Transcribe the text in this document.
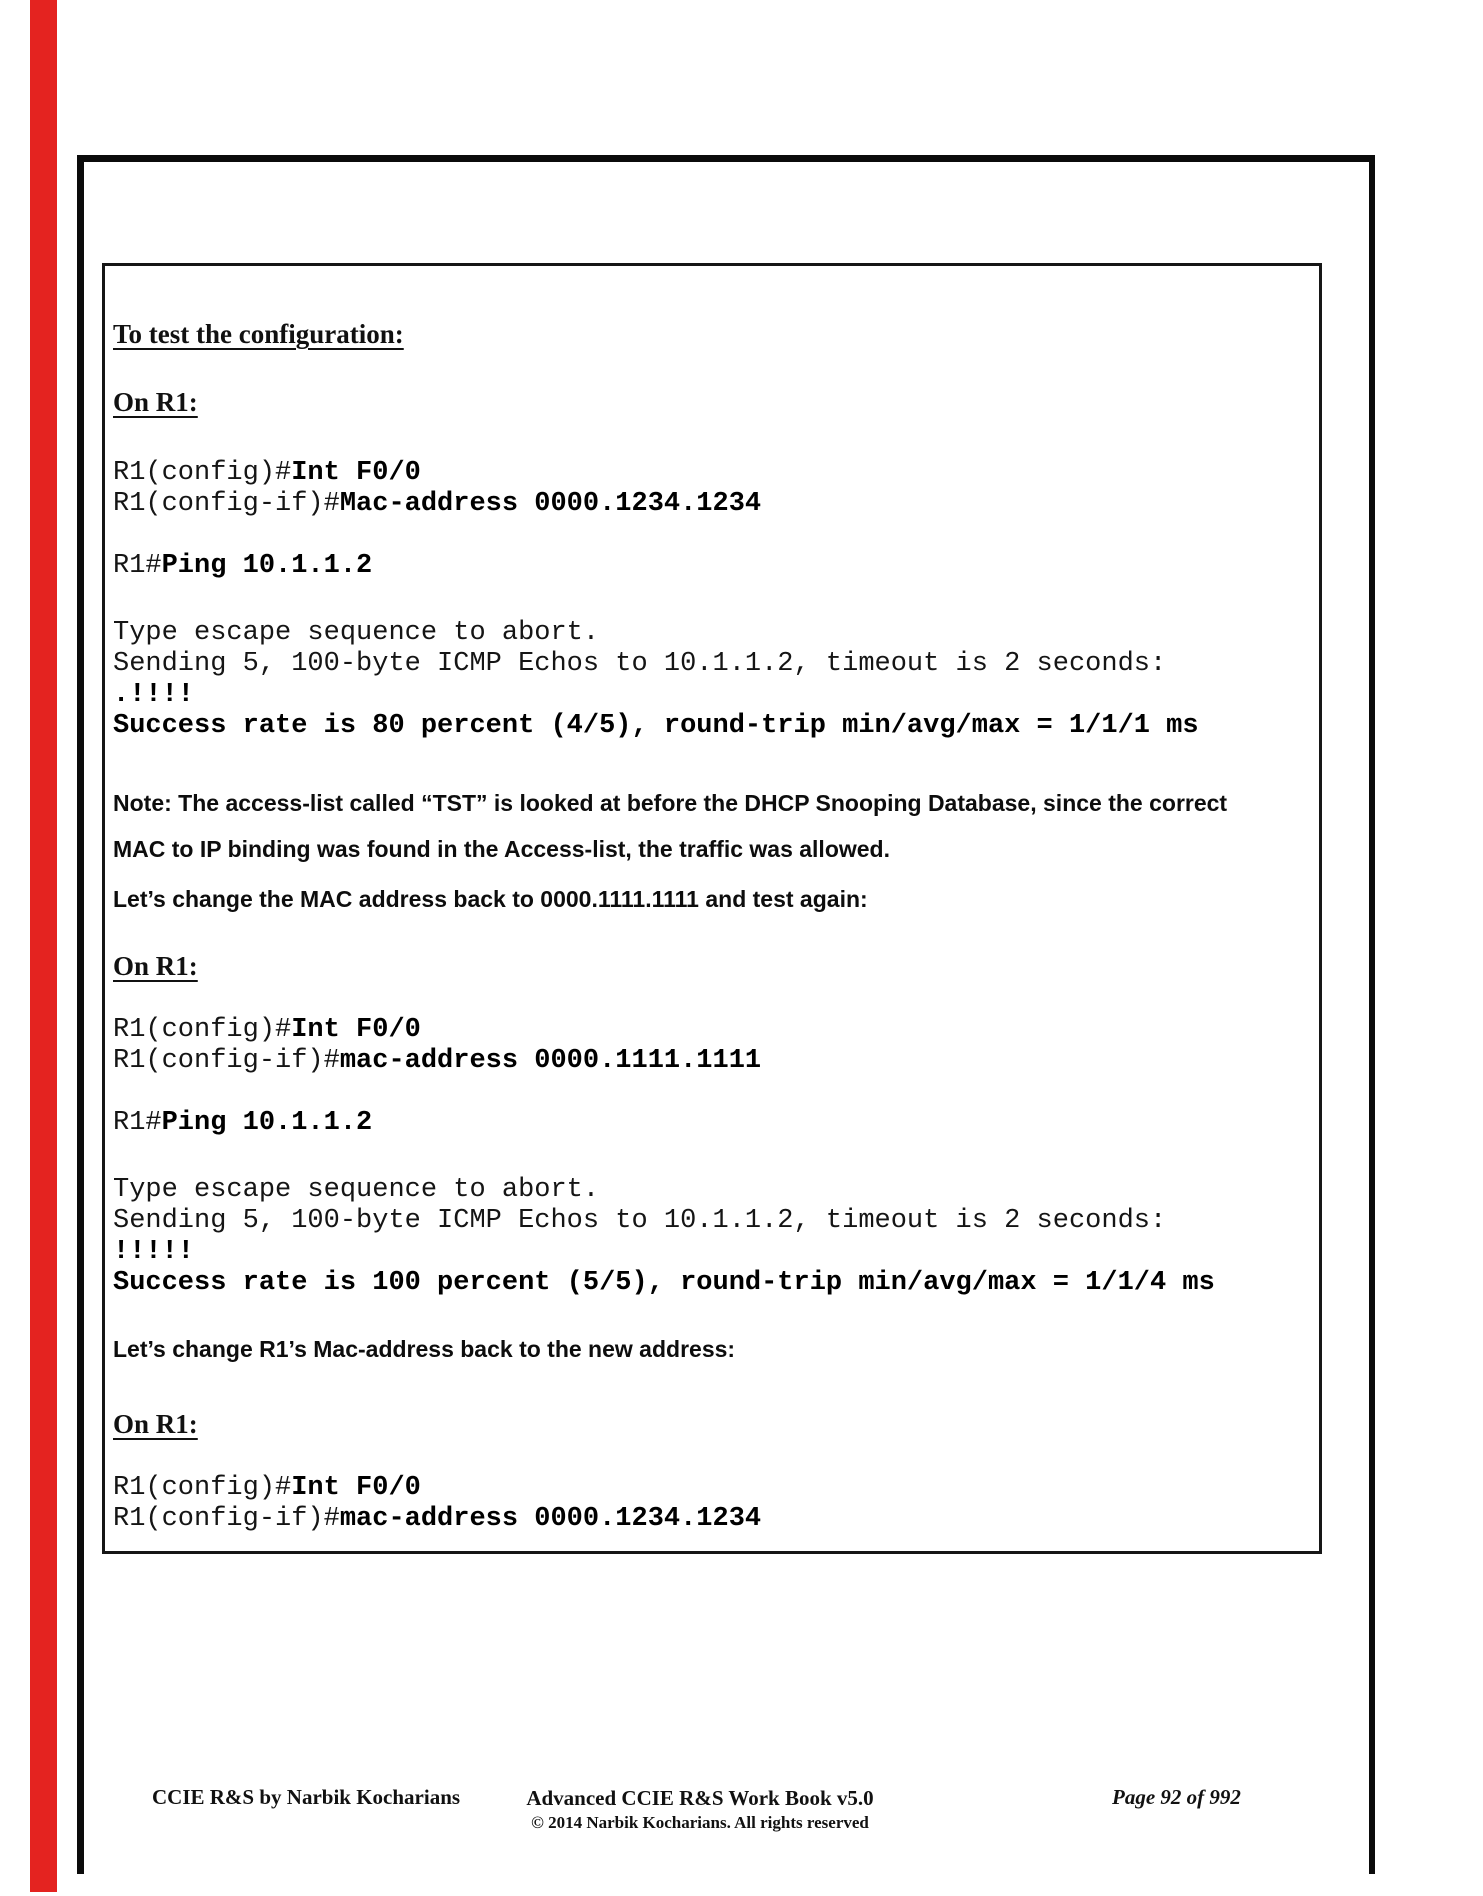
To test the configuration:
On R1:
R1(config)#Int F0/0
R1(config-if)#Mac-address 0000.1234.1234
R1#Ping 10.1.1.2
Type escape sequence to abort.
Sending 5, 100-byte ICMP Echos to 10.1.1.2, timeout is 2 seconds:
.!!!!
Success rate is 80 percent (4/5), round-trip min/avg/max = 1/1/1 ms
Note: The access-list called “TST” is looked at before the DHCP Snooping Database, since the correct
MAC to IP binding was found in the Access-list, the traffic was allowed.
Let’s change the MAC address back to 0000.1111.1111 and test again:
On R1:
R1(config)#Int F0/0
R1(config-if)#mac-address 0000.1111.1111
R1#Ping 10.1.1.2
Type escape sequence to abort.
Sending 5, 100-byte ICMP Echos to 10.1.1.2, timeout is 2 seconds:
!!!!!
Success rate is 100 percent (5/5), round-trip min/avg/max = 1/1/4 ms
Let’s change R1’s Mac-address back to the new address:
On R1:
R1(config)#Int F0/0
R1(config-if)#mac-address 0000.1234.1234
CCIE R&S by Narbik Kocharians	Advanced CCIE R&S Work Book v5.0
© 2014 Narbik Kocharians. All rights reserved
Page 92 of 992
